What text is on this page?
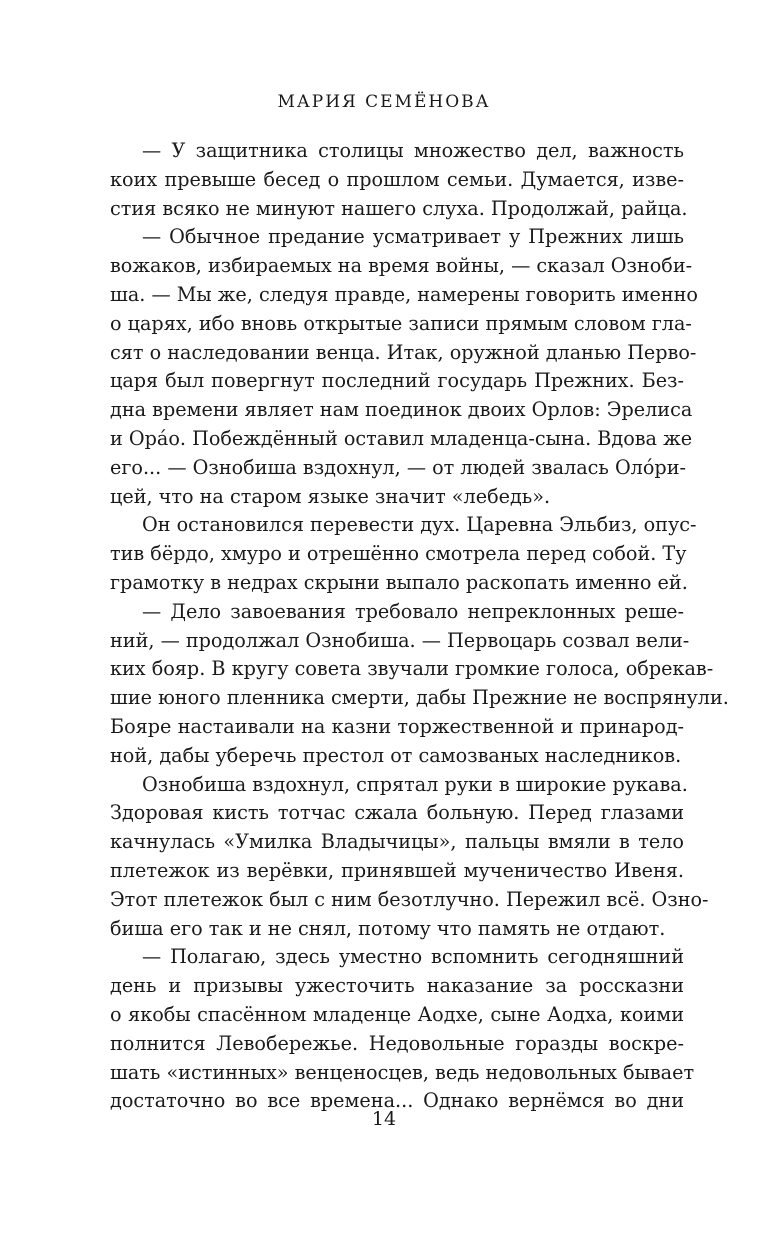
МАРИЯ СЕМЁНОВА
— У защитника столицы множество дел, важность
коих превыше бесед о прошлом семьи. Думается, изве-
стия всяко не минуют нашего слуха. Продолжай, райца.
— Обычное предание усматривает у Прежних лишь
вожаков, избираемых на время войны, — сказал Озноби-
ша. — Мы же, следуя правде, намерены говорить именно
о царях, ибо вновь открытые записи прямым словом гла-
сят о наследовании венца. Итак, оружной дланью Перво-
царя был повергнут последний государь Прежних. Без-
дна времени являет нам поединок двоих Орлов: Эрелиса
и Орáо. Побеждённый оставил младенца-сына. Вдова же
его... — Ознобиша вздохнул, — от людей звалась Олóри-
цей, что на старом языке значит «лебедь».
Он остановился перевести дух. Царевна Эльбиз, опус-
тив бёрдо, хмуро и отрешённо смотрела перед собой. Ту
грамотку в недрах скрыни выпало раскопать именно ей.
— Дело завоевания требовало непреклонных реше-
ний, — продолжал Ознобиша. — Первоцарь созвал вели-
ких бояр. В кругу совета звучали громкие голоса, обрекав-
шие юного пленника смерти, дабы Прежние не воспрянули.
Бояре настаивали на казни торжественной и принарод-
ной, дабы уберечь престол от самозваных наследников.
Ознобиша вздохнул, спрятал руки в широкие рукава.
Здоровая кисть тотчас сжала больную. Перед глазами
качнулась «Умилка Владычицы», пальцы вмяли в тело
плетежок из верёвки, принявшей мученичество Ивеня.
Этот плетежок был с ним безотлучно. Пережил всё. Озно-
биша его так и не снял, потому что память не отдают.
— Полагаю, здесь уместно вспомнить сегодняшний
день и призывы ужесточить наказание за россказни
о якобы спасённом младенце Аодхе, сыне Аодха, коими
полнится Левобережье. Недовольные горазды воскре-
шать «истинных» венценосцев, ведь недовольных бывает
достаточно во все времена... Однако вернёмся во дни
14
